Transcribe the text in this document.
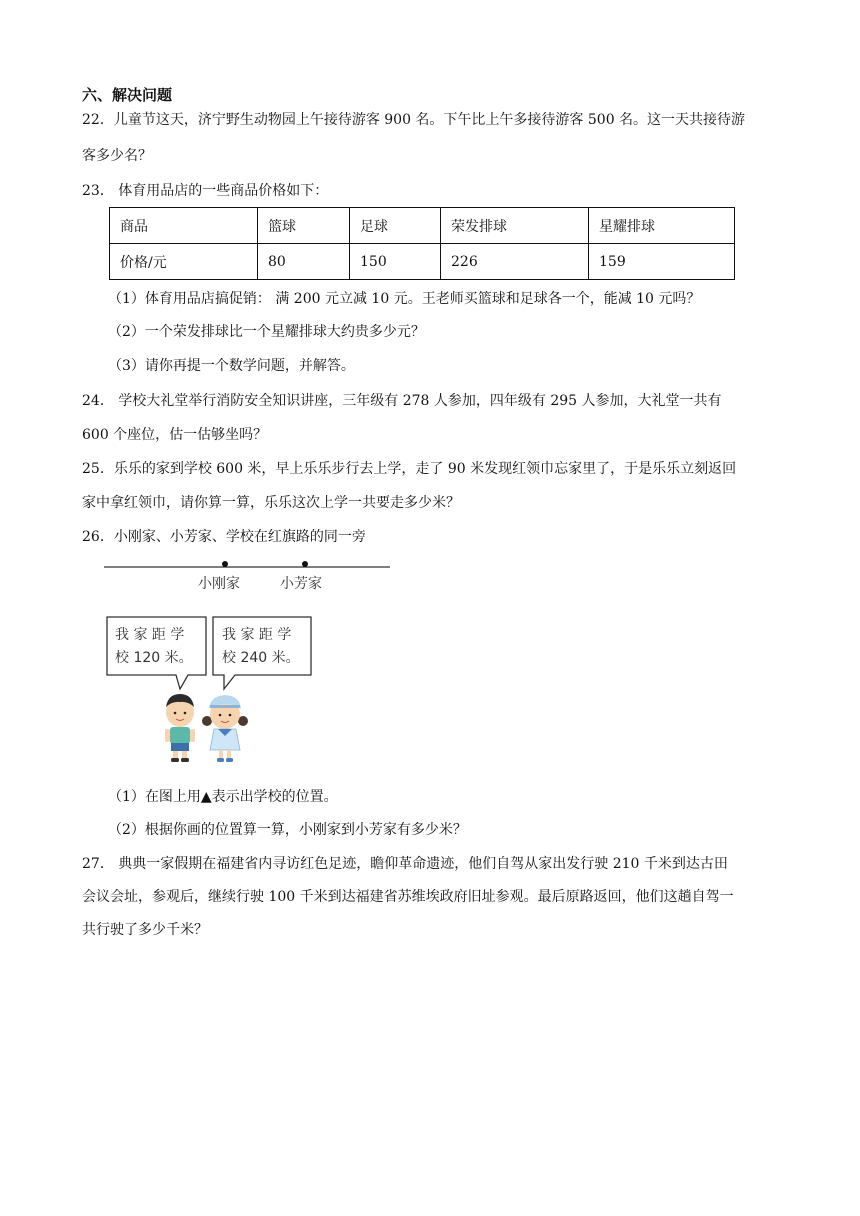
六、解决问题
22．儿童节这天，济宁野生动物园上午接待游客 900 名。下午比上午多接待游客 500 名。这一天共接待游
客多少名？
23． 体育用品店的一些商品价格如下：
商品	篮球	足球	荣发排球	星耀排球
价格/元	80	150	226	159
（1）体育用品店搞促销： 满 200 元立减 10 元。王老师买篮球和足球各一个，能减 10 元吗？
（2）一个荣发排球比一个星耀排球大约贵多少元？
（3）请你再提一个数学问题，并解答。
24． 学校大礼堂举行消防安全知识讲座，三年级有 278 人参加，四年级有 295 人参加，大礼堂一共有
600 个座位，估一估够坐吗？
25．乐乐的家到学校 600 米，早上乐乐步行去上学，走了 90 米发现红领巾忘家里了，于是乐乐立刻返回
家中拿红领巾，请你算一算，乐乐这次上学一共要走多少米？
26．小刚家、小芳家、学校在红旗路的同一旁
小刚家	小芳家
我 家 距 学
校 120 米。
我 家 距 学
校 240 米。
（1）在图上用▲表示出学校的位置。
（2）根据你画的位置算一算，小刚家到小芳家有多少米？
27． 典典一家假期在福建省内寻访红色足迹，瞻仰革命遗迹，他们自驾从家出发行驶 210 千米到达古田
会议会址，参观后，继续行驶 100 千米到达福建省苏维埃政府旧址参观。最后原路返回，他们这趟自驾一
共行驶了多少千米？
